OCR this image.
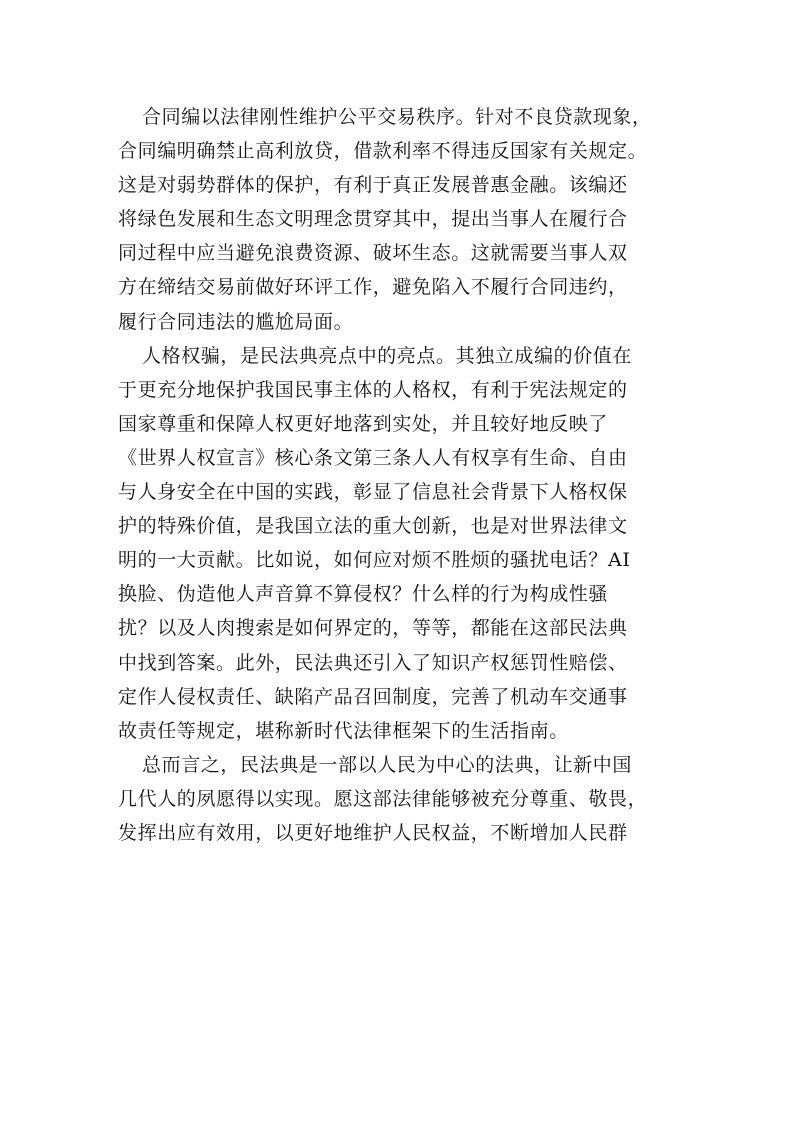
合同编以法律刚性维护公平交易秩序。针对不良贷款现象，
合同编明确禁止高利放贷，借款利率不得违反国家有关规定。
这是对弱势群体的保护，有利于真正发展普惠金融。该编还
将绿色发展和生态文明理念贯穿其中，提出当事人在履行合
同过程中应当避免浪费资源、破坏生态。这就需要当事人双
方在缔结交易前做好环评工作，避免陷入不履行合同违约，
履行合同违法的尴尬局面。
人格权骗，是民法典亮点中的亮点。其独立成编的价值在
于更充分地保护我国民事主体的人格权，有利于宪法规定的
国家尊重和保障人权更好地落到实处，并且较好地反映了
《世界人权宣言》核心条文第三条人人有权享有生命、自由
与人身安全在中国的实践，彰显了信息社会背景下人格权保
护的特殊价值，是我国立法的重大创新，也是对世界法律文
明的一大贡献。比如说，如何应对烦不胜烦的骚扰电话？AI
换脸、伪造他人声音算不算侵权？什么样的行为构成性骚
扰？以及人肉搜索是如何界定的，等等，都能在这部民法典
中找到答案。此外，民法典还引入了知识产权惩罚性赔偿、
定作人侵权责任、缺陷产品召回制度，完善了机动车交通事
故责任等规定，堪称新时代法律框架下的生活指南。
总而言之，民法典是一部以人民为中心的法典，让新中国
几代人的夙愿得以实现。愿这部法律能够被充分尊重、敬畏，
发挥出应有效用，以更好地维护人民权益，不断增加人民群
